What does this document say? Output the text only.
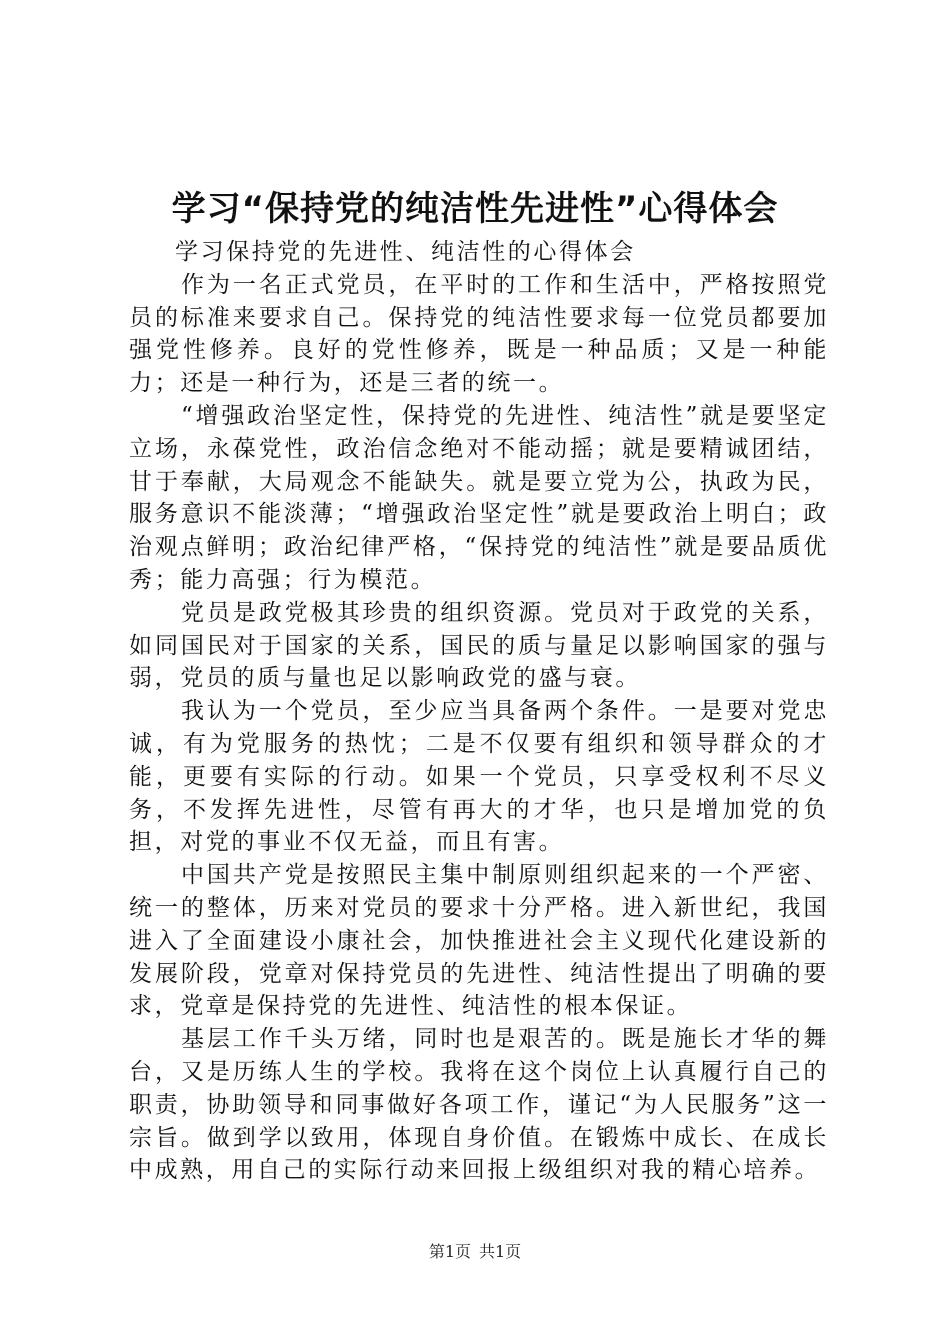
学习“保持党的纯洁性先进性”心得体会

学习保持党的先进性、纯洁性的心得体会

作为一名正式党员，在平时的工作和生活中，严格按照党员的标准来要求自己。保持党的纯洁性要求每一位党员都要加强党性修养。良好的党性修养，既是一种品质；又是一种能力；还是一种行为，还是三者的统一。

“增强政治坚定性，保持党的先进性、纯洁性”就是要坚定立场，永葆党性，政治信念绝对不能动摇；就是要精诚团结，甘于奉献，大局观念不能缺失。就是要立党为公，执政为民，服务意识不能淡薄；“增强政治坚定性”就是要政治上明白；政治观点鲜明；政治纪律严格，“保持党的纯洁性”就是要品质优秀；能力高强；行为模范。

党员是政党极其珍贵的组织资源。党员对于政党的关系，如同国民对于国家的关系，国民的质与量足以影响国家的强与弱，党员的质与量也足以影响政党的盛与衰。

我认为一个党员，至少应当具备两个条件。一是要对党忠诚，有为党服务的热忱；二是不仅要有组织和领导群众的才能，更要有实际的行动。如果一个党员，只享受权利不尽义务，不发挥先进性，尽管有再大的才华，也只是增加党的负担，对党的事业不仅无益，而且有害。

中国共产党是按照民主集中制原则组织起来的一个严密、统一的整体，历来对党员的要求十分严格。进入新世纪，我国进入了全面建设小康社会，加快推进社会主义现代化建设新的发展阶段，党章对保持党员的先进性、纯洁性提出了明确的要求，党章是保持党的先进性、纯洁性的根本保证。

基层工作千头万绪，同时也是艰苦的。既是施长才华的舞台，又是历练人生的学校。我将在这个岗位上认真履行自己的职责，协助领导和同事做好各项工作，谨记“为人民服务”这一宗旨。做到学以致用，体现自身价值。在锻炼中成长、在成长中成熟，用自己的实际行动来回报上级组织对我的精心培养。

第1页 共1页
